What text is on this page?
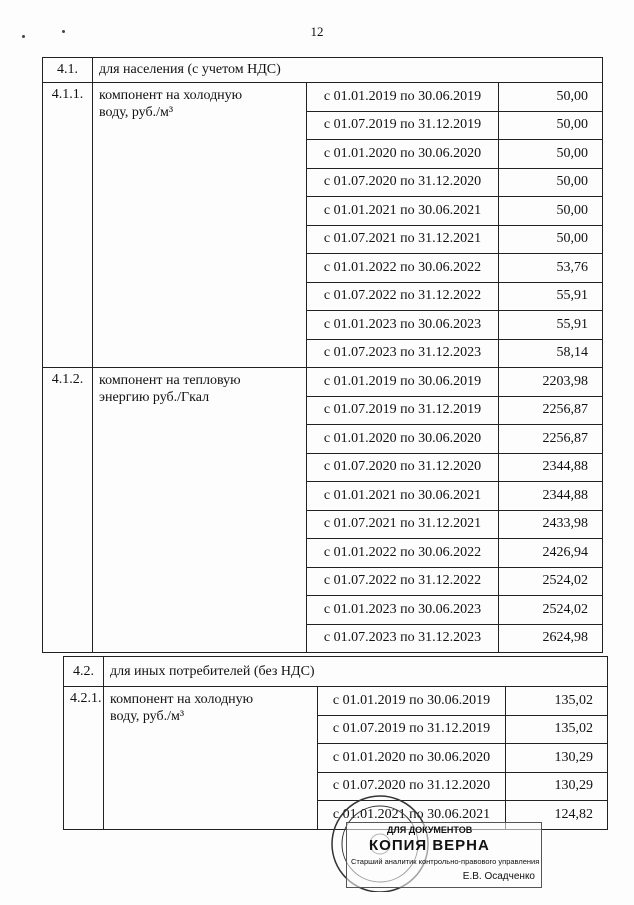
12
4.1.	для населения (с учетом НДС)		
4.1.1.	компонент на холодную
воду, руб./м³	с 01.01.2019 по 30.06.2019	50,00
		с 01.07.2019 по 31.12.2019	50,00
		с 01.01.2020 по 30.06.2020	50,00
		с 01.07.2020 по 31.12.2020	50,00
		с 01.01.2021 по 30.06.2021	50,00
		с 01.07.2021 по 31.12.2021	50,00
		с 01.01.2022 по 30.06.2022	53,76
		с 01.07.2022 по 31.12.2022	55,91
		с 01.01.2023 по 30.06.2023	55,91
		с 01.07.2023 по 31.12.2023	58,14
4.1.2.	компонент на тепловую
энергию руб./Гкал	с 01.01.2019 по 30.06.2019	2203,98
		с 01.07.2019 по 31.12.2019	2256,87
		с 01.01.2020 по 30.06.2020	2256,87
		с 01.07.2020 по 31.12.2020	2344,88
		с 01.01.2021 по 30.06.2021	2344,88
		с 01.07.2021 по 31.12.2021	2433,98
		с 01.01.2022 по 30.06.2022	2426,94
		с 01.07.2022 по 31.12.2022	2524,02
		с 01.01.2023 по 30.06.2023	2524,02
		с 01.07.2023 по 31.12.2023	2624,98
4.2.	для иных потребителей (без НДС)		
4.2.1.	компонент на холодную
воду, руб./м³	с 01.01.2019 по 30.06.2019	135,02
		с 01.07.2019 по 31.12.2019	135,02
		с 01.01.2020 по 30.06.2020	130,29
		с 01.07.2020 по 31.12.2020	130,29
		с 01.01.2021 по 30.06.2021	124,82
ДЛЯ ДОКУМЕНТОВ
КОПИЯ ВЕРНА
Старший аналитик контрольно-правового управления
Е.В. Осадченко
